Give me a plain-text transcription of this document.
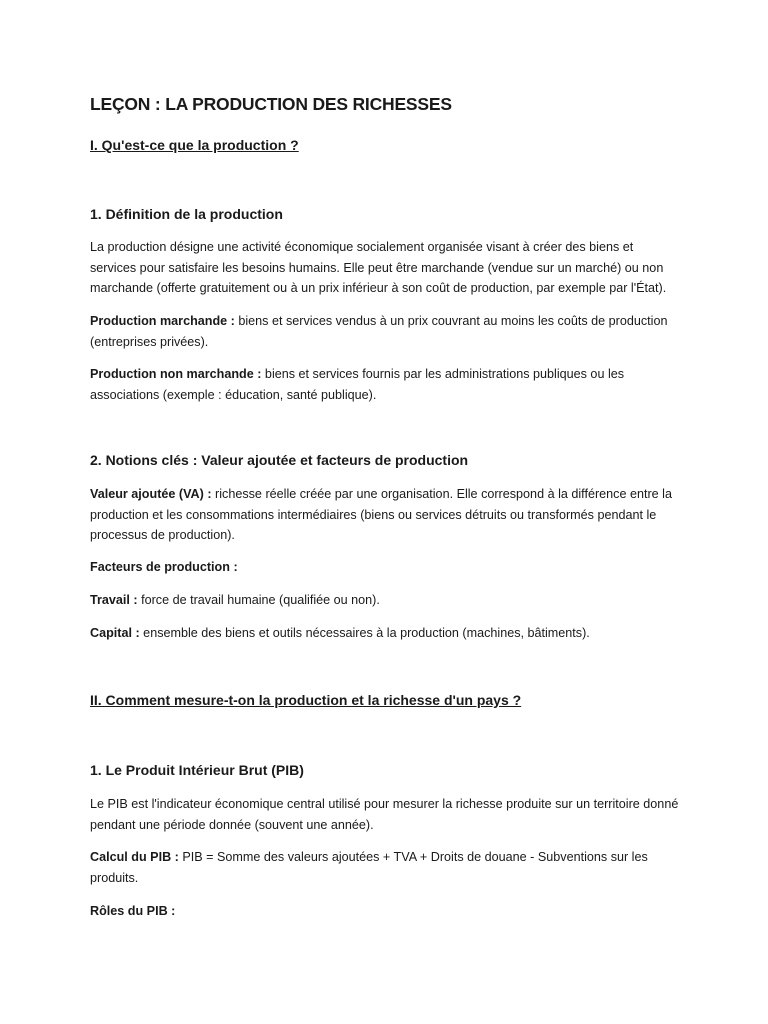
LEÇON : LA PRODUCTION DES RICHESSES
I. Qu'est-ce que la production ?
1. Définition de la production

La production désigne une activité économique socialement organisée visant à créer des biens et services pour satisfaire les besoins humains. Elle peut être marchande (vendue sur un marché) ou non marchande (offerte gratuitement ou à un prix inférieur à son coût de production, par exemple par l'État).

Production marchande : biens et services vendus à un prix couvrant au moins les coûts de production (entreprises privées).

Production non marchande : biens et services fournis par les administrations publiques ou les associations (exemple : éducation, santé publique).

2. Notions clés : Valeur ajoutée et facteurs de production

Valeur ajoutée (VA) : richesse réelle créée par une organisation. Elle correspond à la différence entre la production et les consommations intermédiaires (biens ou services détruits ou transformés pendant le processus de production).

Facteurs de production :

Travail : force de travail humaine (qualifiée ou non).

Capital : ensemble des biens et outils nécessaires à la production (machines, bâtiments).

II. Comment mesure-t-on la production et la richesse d'un pays ?
1. Le Produit Intérieur Brut (PIB)

Le PIB est l'indicateur économique central utilisé pour mesurer la richesse produite sur un territoire donné pendant une période donnée (souvent une année).

Calcul du PIB : PIB = Somme des valeurs ajoutées + TVA + Droits de douane - Subventions sur les produits.

Rôles du PIB :
